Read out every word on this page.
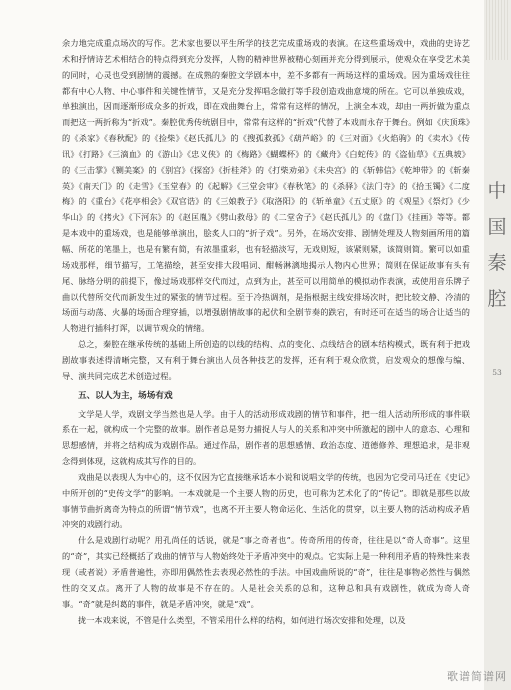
余力地完成重点场次的写作。艺术家也要以平生所学的技艺完成重场戏的表演。在这些重场戏中，戏曲的史诗艺术和抒情诗艺术相结合的特点得到充分发挥，人物的精神世界被精心刻画并充分得到展示，使观众在享受艺术美的同时，心灵也受到剧情的震撼。在成熟的秦腔文学剧本中，差不多都有一两场这样的重场戏。因为重场戏往往都有中心人物、中心事件和关键性情节，又是充分发挥唱念做打等手段创造戏曲意境的所在。它可以单独成戏，单独演出，因而逐渐形成众多的折戏，即在戏曲舞台上，常常有这样的情况，上演全本戏，却由一两折做为重点而把这一两折称为“折戏”。秦腔优秀传统剧目中，常常有这样的“折戏”代替了本戏而永存于舞台。例如《庆顶珠》的《杀家》《春秋配》的《捡柴》《赵氏孤儿》的《搜孤救孤》《葫芦峪》的《三对面》《火焰驹》的《卖水》《传讯》《打路》《三滴血》的《游山》《忠义侠》的《梅路》《蝴蝶杯》的《藏舟》《白蛇传》的《盗仙草》《五典坡》的《三击掌》《铡美案》的《别宫》《探窑》《折桂斧》的《打柴劝弟》《未央宫》的《斩韩信》《乾坤带》的《斩秦英》《南天门》的《走雪》《玉堂春》的《起解》《三堂会审》《春秋笔》的《杀驿》《法门寺》的《拾玉镯》《二度梅》的《重台》《花亭相会》《双官诰》的《三娘教子》《取洛阳》的《斩单童》《五丈原》的《观星》《祭灯》《少华山》的《拷火》《下河东》的《赵匡胤》《劈山救母》的《二堂舍子》《赵氏孤儿》的《盘门》《挂画》等等。都是本戏中的重场戏，也是能够单演出，脍炙人口的“折子戏”。另外，在场次安排、剧情处理及人物刻画所用的篇幅、所花的笔墨上，也是有繁有简，有浓墨重彩，也有轻描淡写，无戏则短，该紧则紧，该简则简。繁可以如重场戏那样，细节描写，工笔描绘，甚至安排大段唱词、酣畅淋漓地揭示人物内心世界；简则在保证故事有头有尾、脉络分明的前提下，像过场戏那样交代而过，点到为止，甚至可以用简单的模拟动作表演，或使用音乐牌子曲以代替所交代而新发生过的紧张的情节过程。至于冷热调剂，是指根据主线安排场次时，把比较文静、冷清的场面与动荡、火暴的场面合理穿插，以增强剧情故事的起伏和全剧节奏的跌宕，有时还可在适当的场合让适当的人物进行插科打诨，以调节观众的情绪。

总之，秦腔在继承传统的基础上所创造的以线的结构、点的变化、点线结合的剧本结构模式，既有利于把戏剧故事表述得清晰完整，又有利于舞台演出人员各种技艺的发挥，还有利于观众欣赏，启发观众的想像与编、导、演共同完成艺术创造过程。

五、以人为主，场场有戏

文学是人学，戏剧文学当然也是人学。由于人的活动形成戏剧的情节和事件，把一组人活动所形成的事件联系在一起，就构成一个完整的故事。剧作者总是努力捕捉人与人的关系和冲突中所激起的剧中人的意态、心理和思想感情，并将之结构成为戏剧作品。通过作品，剧作者的思想感情、政治态度、道德修养、理想追求，是非观念得到体现，这就构成其写作的目的。

戏曲是以表现人为中心的，这不仅因为它直接继承话本小说和说唱文学的传统，也因为它受司马迁在《史记》中所开创的“史传文学”的影响。一本戏就是一个主要人物的历史，也可称为艺术化了的“传记”。即就是那些以故事情节曲折离奇为特点的所谓“情节戏”，也离不开主要人物命运化、生活化的贯穿，以主要人物的活动构成矛盾冲突的戏剧行动。

什么是戏剧行动呢？用孔尚任的话说，就是“事之奇者也”。传奇所用的传奇，往往是以“奇人奇事”。这里的“奇”，其实已经概括了戏曲的情节与人物始终处于矛盾冲突中的观点。它实际上是一种利用矛盾的特殊性来表现（或者说）矛盾普遍性，亦即用偶然性去表现必然性的手法。中国戏曲所说的“奇”，往往是事物必然性与偶然性的交叉点。离开了人物的故事是不存在的。人是社会关系的总和，这种总和具有戏剧性，就成为奇人奇事。“奇”就是纠葛的事件，就是矛盾冲突，就是“戏”。

拢一本戏来说，不管是什么类型，不管采用什么样的结构，如何进行场次安排和处理，以及

中
国
秦
腔
53
歌谱简谱网
